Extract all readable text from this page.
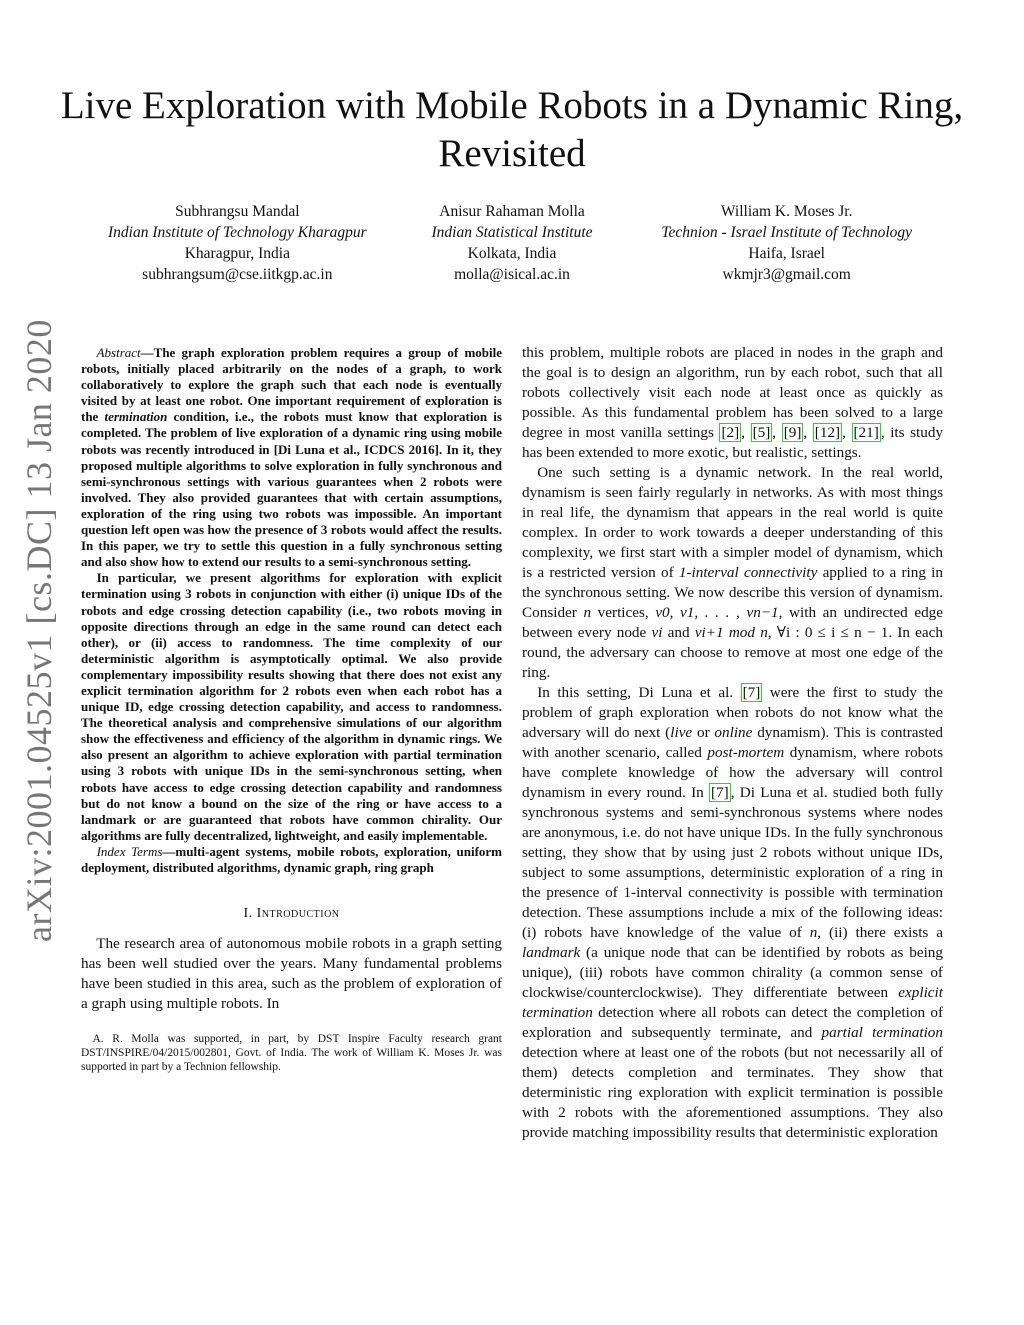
Live Exploration with Mobile Robots in a Dynamic Ring, Revisited
Subhrangsu Mandal
Indian Institute of Technology Kharagpur
Kharagpur, India
subhrangsum@cse.iitkgp.ac.in
Anisur Rahaman Molla
Indian Statistical Institute
Kolkata, India
molla@isical.ac.in
William K. Moses Jr.
Technion - Israel Institute of Technology
Haifa, Israel
wkmjr3@gmail.com
arXiv:2001.04525v1 [cs.DC] 13 Jan 2020	Abstract—The graph exploration problem requires a group of mobile robots, initially placed arbitrarily on the nodes of a graph, to work collaboratively to explore the graph such that each node is eventually visited by at least one robot. One important requirement of exploration is the termination condition, i.e., the robots must know that exploration is completed. The problem of live exploration of a dynamic ring using mobile robots was recently introduced in [Di Luna et al., ICDCS 2016]. In it, they proposed multiple algorithms to solve exploration in fully synchronous and semi-synchronous settings with various guarantees when 2 robots were involved. They also provided guarantees that with certain assumptions, exploration of the ring using two robots was impossible. An important question left open was how the presence of 3 robots would affect the results. In this paper, we try to settle this question in a fully synchronous setting and also show how to extend our results to a semi-synchronous setting.

In particular, we present algorithms for exploration with explicit termination using 3 robots in conjunction with either (i) unique IDs of the robots and edge crossing detection capability (i.e., two robots moving in opposite directions through an edge in the same round can detect each other), or (ii) access to randomness. The time complexity of our deterministic algorithm is asymptotically optimal. We also provide complementary impossibility results showing that there does not exist any explicit termination algorithm for 2 robots even when each robot has a unique ID, edge crossing detection capability, and access to randomness. The theoretical analysis and comprehensive simulations of our algorithm show the effectiveness and efficiency of the algorithm in dynamic rings. We also present an algorithm to achieve exploration with partial termination using 3 robots with unique IDs in the semi-synchronous setting, when robots have access to edge crossing detection capability and randomness but do not know a bound on the size of the ring or have access to a landmark or are guaranteed that robots have common chirality. Our algorithms are fully decentralized, lightweight, and easily implementable.

Index Terms—multi-agent systems, mobile robots, exploration, uniform deployment, distributed algorithms, dynamic graph, ring graph

I. Introduction

The research area of autonomous mobile robots in a graph setting has been well studied over the years. Many fundamental problems have been studied in this area, such as the problem of exploration of a graph using multiple robots. In

A. R. Molla was supported, in part, by DST Inspire Faculty research grant DST/INSPIRE/04/2015/002801, Govt. of India. The work of William K. Moses Jr. was supported in part by a Technion fellowship.

this problem, multiple robots are placed in nodes in the graph and the goal is to design an algorithm, run by each robot, such that all robots collectively visit each node at least once as quickly as possible. As this fundamental problem has been solved to a large degree in most vanilla settings [2] , [5] , [9] , [12] , [21] , its study has been extended to more exotic, but realistic, settings.

One such setting is a dynamic network. In the real world, dynamism is seen fairly regularly in networks. As with most things in real life, the dynamism that appears in the real world is quite complex. In order to work towards a deeper understanding of this complexity, we first start with a simpler model of dynamism, which is a restricted version of 1-interval connectivity applied to a ring in the synchronous setting. We now describe this version of dynamism. Consider n vertices, v0, v1, . . . , vn−1, with an undirected edge between every node vi and vi+1 mod n, ∀i : 0 ≤ i ≤ n − 1. In each round, the adversary can choose to remove at most one edge of the ring.

In this setting, Di Luna et al. [7] were the first to study the problem of graph exploration when robots do not know what the adversary will do next (live or online dynamism). This is contrasted with another scenario, called post-mortem dynamism, where robots have complete knowledge of how the adversary will control dynamism in every round. In [7] , Di Luna et al. studied both fully synchronous systems and semi-synchronous systems where nodes are anonymous, i.e. do not have unique IDs. In the fully synchronous setting, they show that by using just 2 robots without unique IDs, subject to some assumptions, deterministic exploration of a ring in the presence of 1-interval connectivity is possible with termination detection. These assumptions include a mix of the following ideas: (i) robots have knowledge of the value of n, (ii) there exists a landmark (a unique node that can be identified by robots as being unique), (iii) robots have common chirality (a common sense of clockwise/counterclockwise). They differentiate between explicit termination detection where all robots can detect the completion of exploration and subsequently terminate, and partial termination detection where at least one of the robots (but not necessarily all of them) detects completion and terminates. They show that deterministic ring exploration with explicit termination is possible with 2 robots with the aforementioned assumptions. They also provide matching impossibility results that deterministic exploration
